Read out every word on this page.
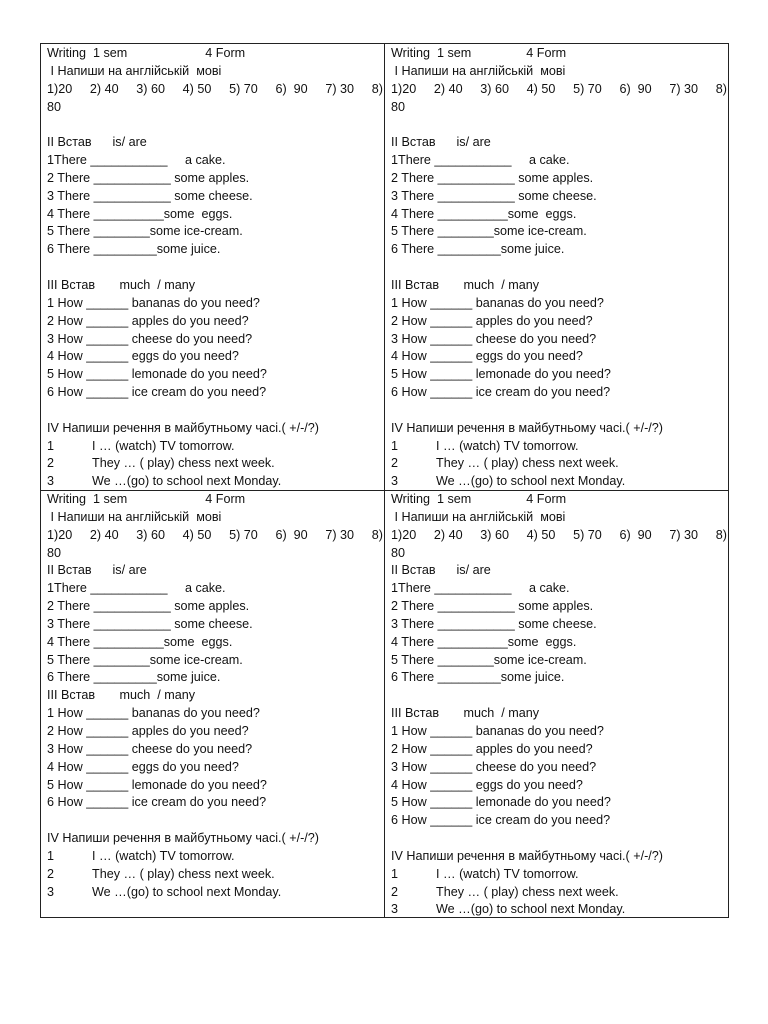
Writing  1 sem	4 Form
I Напиши на англійській  мові
1)20 2) 40 3) 60 4) 50 5) 70 6)  90 7) 30 8)
80
II Встав      is/ are
1There ___________     a cake.
2 There ___________ some apples.
3 There ___________ some cheese.
4 There __________some  eggs.
5 There ________some ice-cream.
6 There _________some juice.
III Встав       much  / many
1 How ______ bananas do you need?
2 How ______ apples do you need?
3 How ______ cheese do you need?
4 How ______ eggs do you need?
5 How ______ lemonade do you need?
6 How ______ ice cream do you need?
IV Напиши речення в майбутньому часі.( +/-/?)
1	I … (watch) TV tomorrow.
2	They … ( play) chess next week.
3	We …(go) to school next Monday.
Writing  1 sem	4 Form
I Напиши на англійській  мові
1)20 2) 40 3) 60 4) 50 5) 70 6)  90 7) 30 8)
80
II Встав      is/ are
1There ___________     a cake.
2 There ___________ some apples.
3 There ___________ some cheese.
4 There __________some  eggs.
5 There ________some ice-cream.
6 There _________some juice.
III Встав       much  / many
1 How ______ bananas do you need?
2 How ______ apples do you need?
3 How ______ cheese do you need?
4 How ______ eggs do you need?
5 How ______ lemonade do you need?
6 How ______ ice cream do you need?
IV Напиши речення в майбутньому часі.( +/-/?)
1	I … (watch) TV tomorrow.
2	They … ( play) chess next week.
3	We …(go) to school next Monday.
Writing  1 sem	4 Form
I Напиши на англійській  мові
1)20 2) 40 3) 60 4) 50 5) 70 6)  90 7) 30 8)
80
II Встав      is/ are
1There ___________     a cake.
2 There ___________ some apples.
3 There ___________ some cheese.
4 There __________some  eggs.
5 There ________some ice-cream.
6 There _________some juice.
III Встав       much  / many
1 How ______ bananas do you need?
2 How ______ apples do you need?
3 How ______ cheese do you need?
4 How ______ eggs do you need?
5 How ______ lemonade do you need?
6 How ______ ice cream do you need?
IV Напиши речення в майбутньому часі.( +/-/?)
1	I … (watch) TV tomorrow.
2	They … ( play) chess next week.
3	We …(go) to school next Monday.
Writing  1 sem	4 Form
I Напиши на англійській  мові
1)20 2) 40 3) 60 4) 50 5) 70 6)  90 7) 30 8)
80
II Встав      is/ are
1There ___________     a cake.
2 There ___________ some apples.
3 There ___________ some cheese.
4 There __________some  eggs.
5 There ________some ice-cream.
6 There _________some juice.
III Встав       much  / many
1 How ______ bananas do you need?
2 How ______ apples do you need?
3 How ______ cheese do you need?
4 How ______ eggs do you need?
5 How ______ lemonade do you need?
6 How ______ ice cream do you need?
IV Напиши речення в майбутньому часі.( +/-/?)
1	I … (watch) TV tomorrow.
2	They … ( play) chess next week.
3	We …(go) to school next Monday.
